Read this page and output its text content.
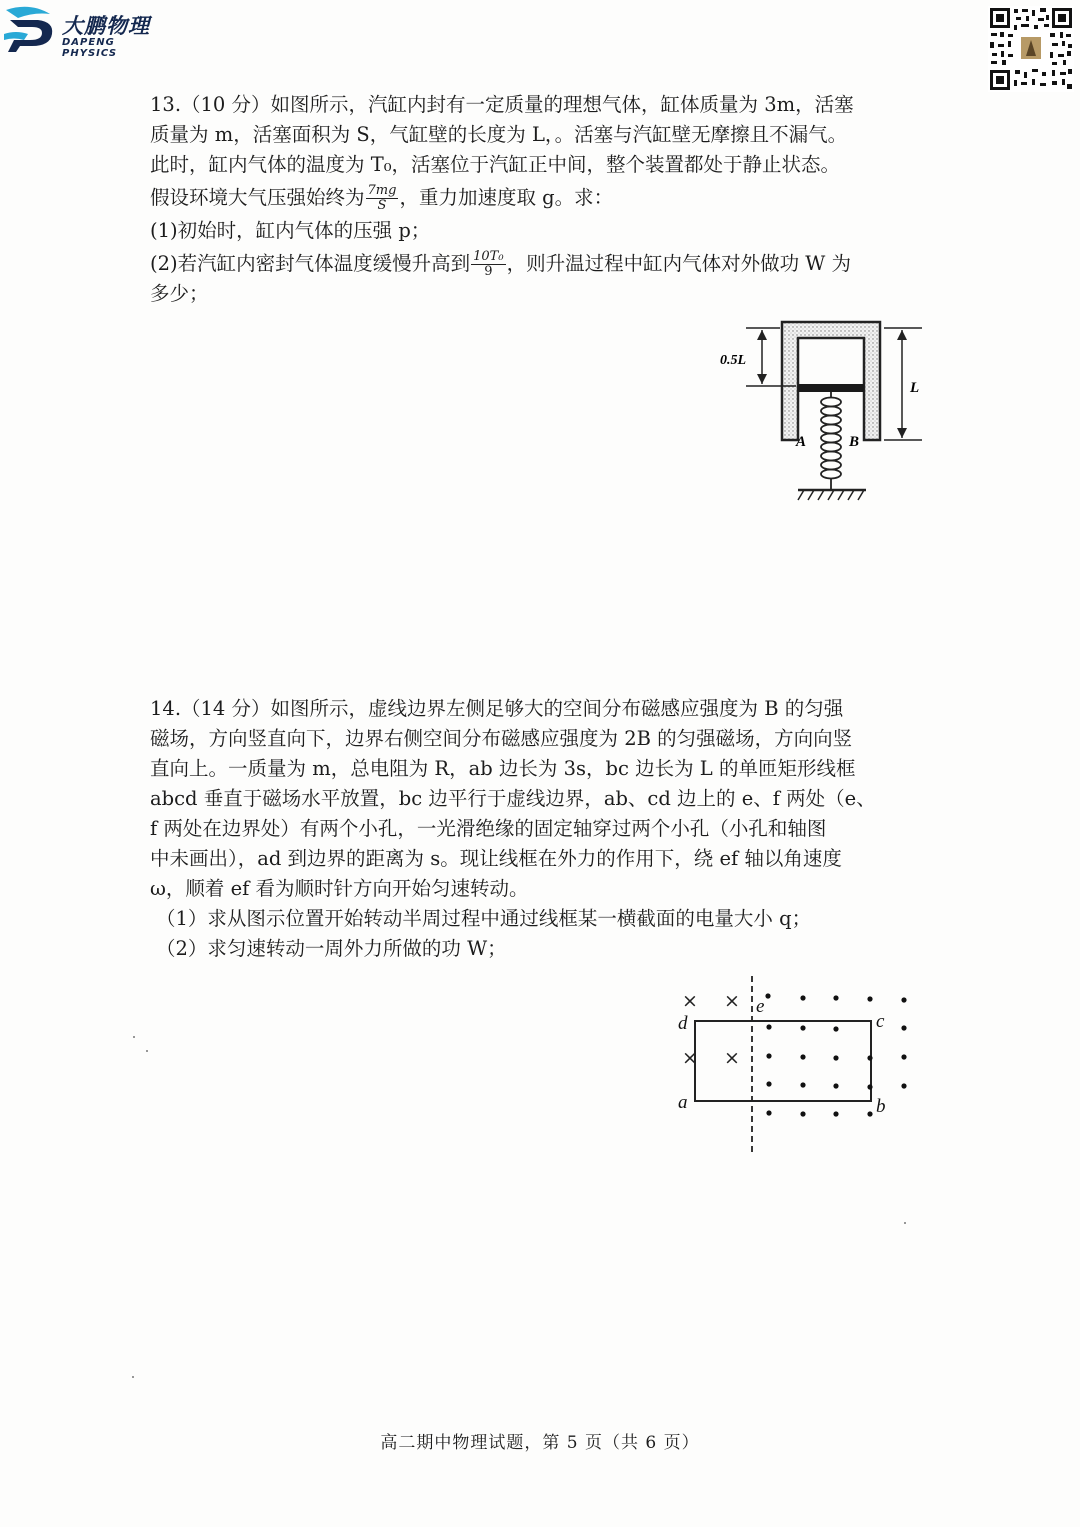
大鹏物理
DAPENG PHYSICS

13.（10 分）如图所示，汽缸内封有一定质量的理想气体，缸体质量为 3m，活塞

质量为 m，活塞面积为 S，气缸壁的长度为 L，。活塞与汽缸壁无摩擦且不漏气。

此时，缸内气体的温度为 T₀，活塞位于汽缸正中间，整个装置都处于静止状态。

假设环境大气压强始终为 $\frac{7mg}{S}$ ，重力加速度取 g。求：

(1)初始时，缸内气体的压强 p；

(2)若汽缸内密封气体温度缓慢升高到 $\frac{\text{10T₀}}{9}$ ，则升温过程中缸内气体对外做功 W 为

多少；

0.5L
L
A	B

14.（14 分）如图所示，虚线边界左侧足够大的空间分布磁感应强度为 B 的匀强

磁场，方向竖直向下，边界右侧空间分布磁感应强度为 2B 的匀强磁场，方向向竖

直向上。一质量为 m，总电阻为 R，ab 边长为 3s，bc 边长为 L 的单匝矩形线框

abcd 垂直于磁场水平放置，bc 边平行于虚线边界，ab、cd 边上的 e、f 两处（e、

f 两处在边界处）有两个小孔，一光滑绝缘的固定轴穿过两个小孔（小孔和轴图

中未画出），ad 到边界的距离为 s。现让线框在外力的作用下，绕 ef 轴以角速度

ω，顺着 ef 看为顺时针方向开始匀速转动。

（1）求从图示位置开始转动半周过程中通过线框某一横截面的电量大小 q；

（2）求匀速转动一周外力所做的功 W；

× ×
× ×
d
a
c
b
e
高二期中物理试题，第 5 页（共 6 页）
